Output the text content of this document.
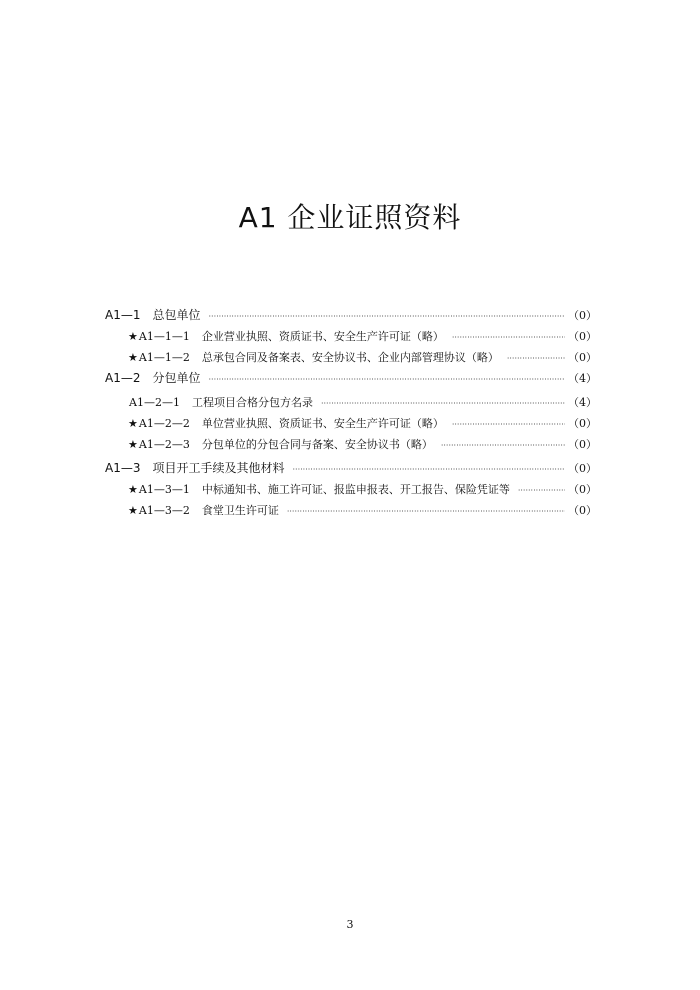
A1 企业证照资料
A1—1 总包单位 ·····	（0）
★ A1—1—1 企业营业执照、资质证书、安全生产许可证（略） ·····	（0）
★ A1—1—2 总承包合同及备案表、安全协议书、企业内部管理协议（略） ·····	（0）
A1—2 分包单位 ·····	（4）
A1—2—1 工程项目合格分包方名录 ·····	（4）
★ A1—2—2 单位营业执照、资质证书、安全生产许可证（略） ·····	（0）
★ A1—2—3 分包单位的分包合同与备案、安全协议书（略） ·····	（0）
A1—3 项目开工手续及其他材料 ·····	（0）
★ A1—3—1 中标通知书、施工许可证、报监申报表、开工报告、保险凭证等 ·····	（0）
★ A1—3—2 食堂卫生许可证 ·····	（0）
3
